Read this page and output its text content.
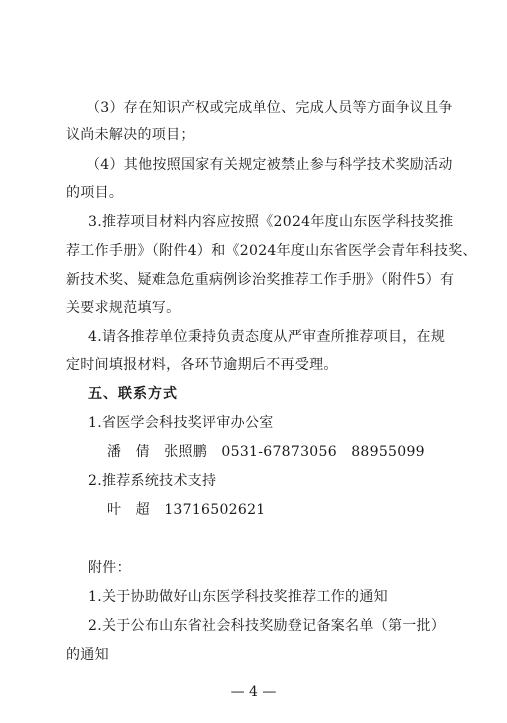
（3）存在知识产权或完成单位、完成人员等方面争议且争
议尚未解决的项目；
（4）其他按照国家有关规定被禁止参与科学技术奖励活动
的项目。
3.推荐项目材料内容应按照《2024年度山东医学科技奖推
荐工作手册》（附件4）和《2024年度山东省医学会青年科技奖、
新技术奖、疑难急危重病例诊治奖推荐工作手册》（附件5）有
关要求规范填写。
4.请各推荐单位秉持负责态度从严审查所推荐项目，在规
定时间填报材料，各环节逾期后不再受理。
五、联系方式
1.省医学会科技奖评审办公室
潘　倩　张照鹏　0531-67873056　88955099
2.推荐系统技术支持
叶　超　13716502621
附件：
1.关于协助做好山东医学科技奖推荐工作的通知
2.关于公布山东省社会科技奖励登记备案名单（第一批）
的通知
— 4 —
